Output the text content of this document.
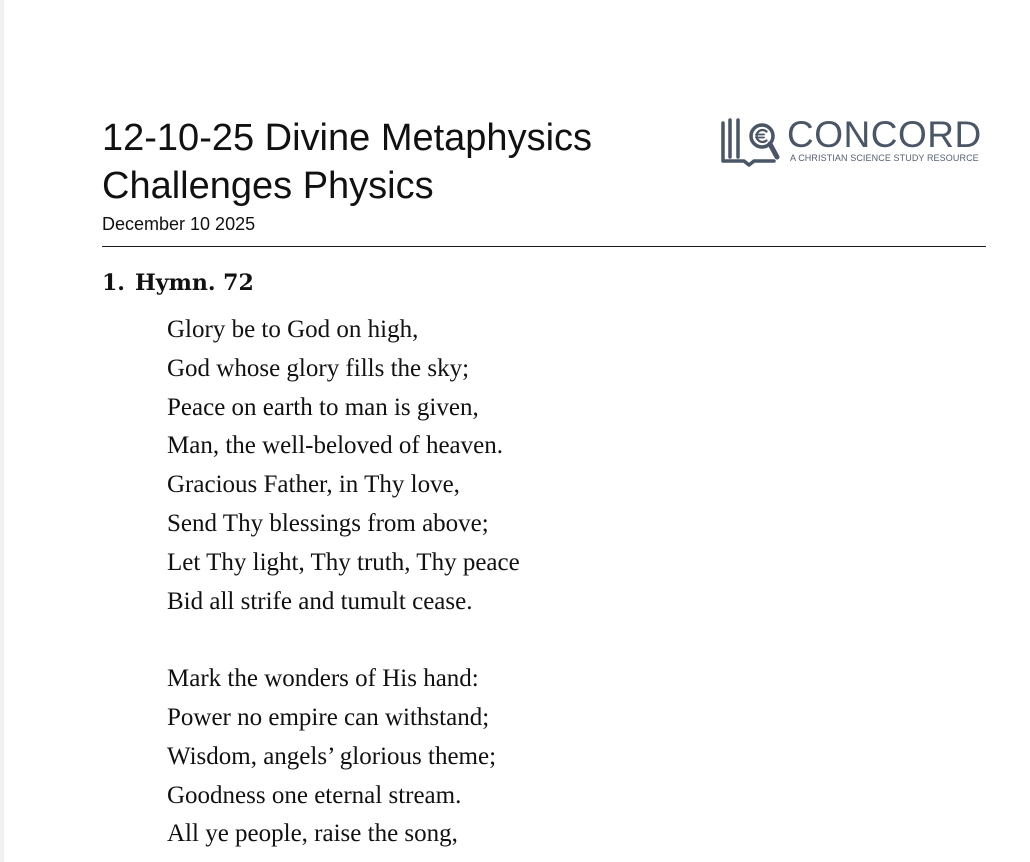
12-10-25 Divine Metaphysics
Challenges Physics
December 10 2025
CONCORD
A CHRISTIAN SCIENCE STUDY RESOURCE
1. Hymn. 72
Glory be to God on high,
God whose glory fills the sky;
Peace on earth to man is given,
Man, the well-beloved of heaven.
Gracious Father, in Thy love,
Send Thy blessings from above;
Let Thy light, Thy truth, Thy peace
Bid all strife and tumult cease.
Mark the wonders of His hand:
Power no empire can withstand;
Wisdom, angels’ glorious theme;
Goodness one eternal stream.
All ye people, raise the song,
